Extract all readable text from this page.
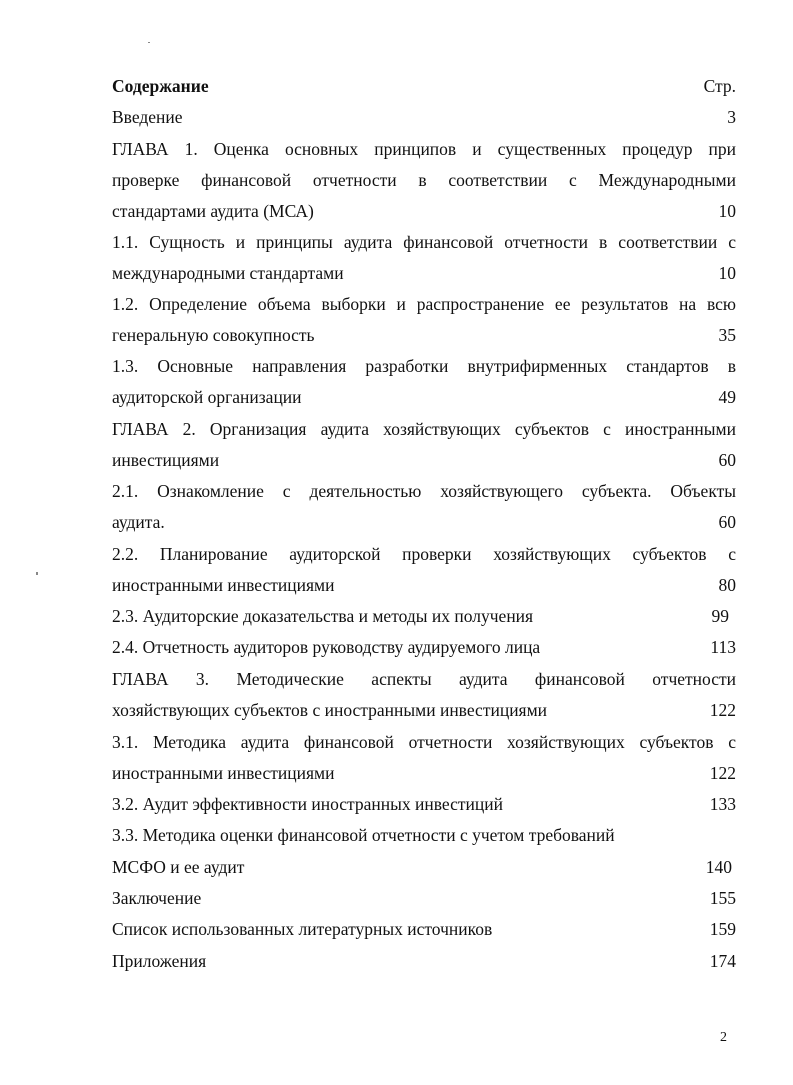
Содержание	Стр.
Введение	3
ГЛАВА 1. Оценка основных принципов и существенных процедур при
проверке финансовой отчетности в соответствии с Международными
стандартами аудита (МСА)	10
1.1. Сущность и принципы аудита финансовой отчетности в соответствии с
международными стандартами	10
1.2. Определение объема выборки и распространение ее результатов на всю
генеральную совокупность	35
1.3. Основные направления разработки внутрифирменных стандартов в
аудиторской организации	49
ГЛАВА 2. Организация аудита хозяйствующих субъектов с иностранными
инвестициями	60
2.1. Ознакомление с деятельностью хозяйствующего субъекта. Объекты
аудита.	60
2.2. Планирование аудиторской проверки хозяйствующих субъектов с
иностранными инвестициями	80
2.3. Аудиторские доказательства и методы их получения	99
2.4. Отчетность аудиторов руководству аудируемого лица	113
ГЛАВА 3. Методические аспекты аудита финансовой отчетности
хозяйствующих субъектов с иностранными инвестициями	122
3.1. Методика аудита финансовой отчетности хозяйствующих субъектов с
иностранными инвестициями	122
3.2. Аудит эффективности иностранных инвестиций	133
3.3. Методика оценки финансовой отчетности с учетом требований
МСФО и ее аудит	140
Заключение	155
Список использованных литературных источников	159
Приложения	174
2
